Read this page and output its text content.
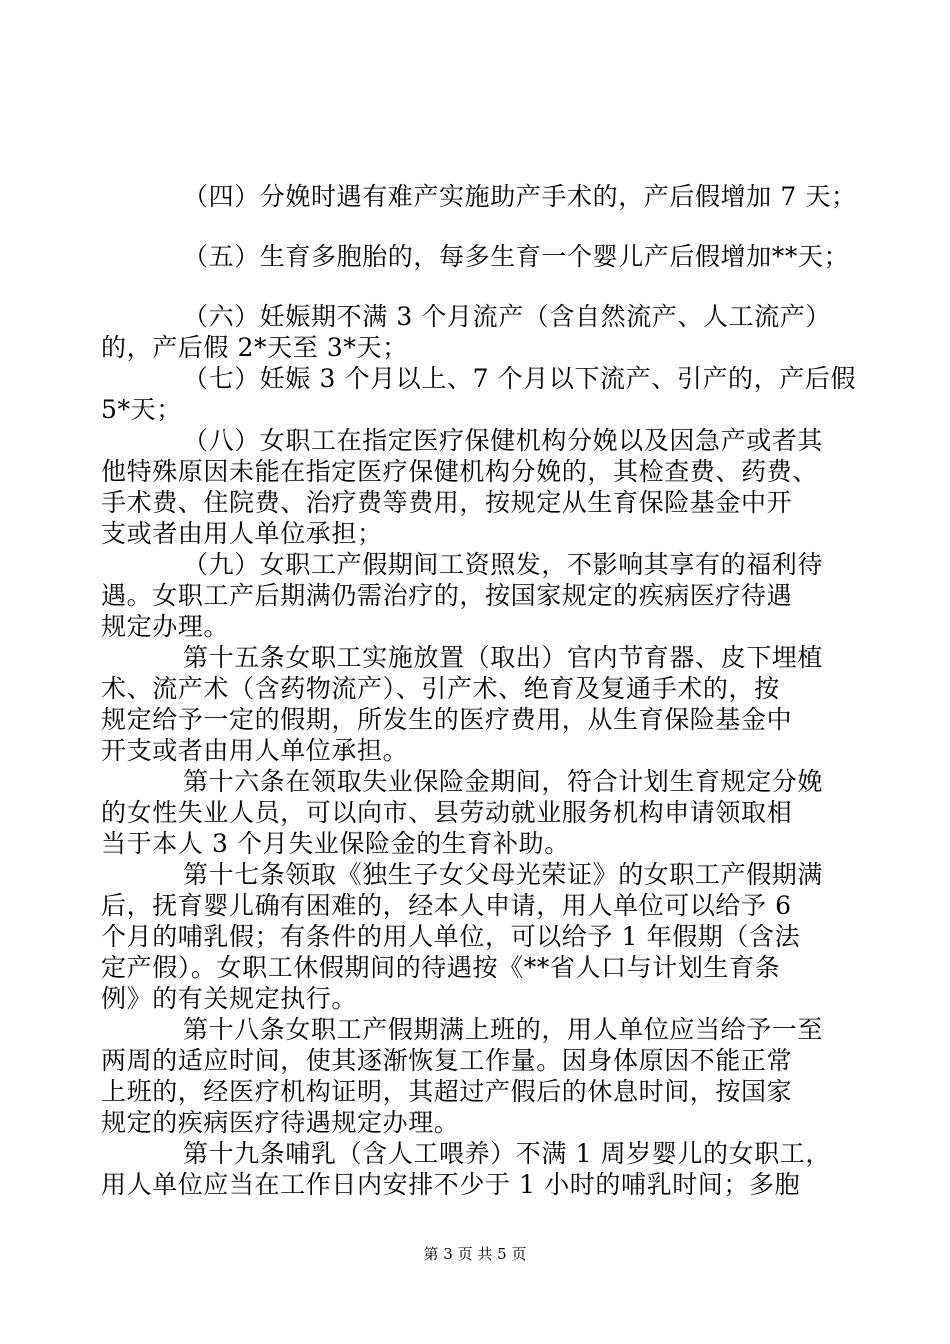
（四）分娩时遇有难产实施助产手术的，产后假增加 7 天；
（五）生育多胞胎的，每多生育一个婴儿产后假增加**天；
（六）妊娠期不满 3 个月流产（含自然流产、人工流产）
的，产后假 2*天至 3*天；
（七）妊娠 3 个月以上、7 个月以下流产、引产的，产后假
5*天；
（八）女职工在指定医疗保健机构分娩以及因急产或者其
他特殊原因未能在指定医疗保健机构分娩的，其检查费、药费、
手术费、住院费、治疗费等费用，按规定从生育保险基金中开
支或者由用人单位承担；
（九）女职工产假期间工资照发，不影响其享有的福利待
遇。女职工产后期满仍需治疗的，按国家规定的疾病医疗待遇
规定办理。
第十五条女职工实施放置（取出）官内节育器、皮下埋植
术、流产术（含药物流产）、引产术、绝育及复通手术的，按
规定给予一定的假期，所发生的医疗费用，从生育保险基金中
开支或者由用人单位承担。
第十六条在领取失业保险金期间，符合计划生育规定分娩
的女性失业人员，可以向市、县劳动就业服务机构申请领取相
当于本人 3 个月失业保险金的生育补助。
第十七条领取《独生子女父母光荣证》的女职工产假期满
后，抚育婴儿确有困难的，经本人申请，用人单位可以给予 6
个月的哺乳假；有条件的用人单位，可以给予 1 年假期（含法
定产假）。女职工休假期间的待遇按《**省人口与计划生育条
例》的有关规定执行。
第十八条女职工产假期满上班的，用人单位应当给予一至
两周的适应时间，使其逐渐恢复工作量。因身体原因不能正常
上班的，经医疗机构证明，其超过产假后的休息时间，按国家
规定的疾病医疗待遇规定办理。
第十九条哺乳（含人工喂养）不满 1 周岁婴儿的女职工，
用人单位应当在工作日内安排不少于 1 小时的哺乳时间；多胞
第 3 页 共 5 页
